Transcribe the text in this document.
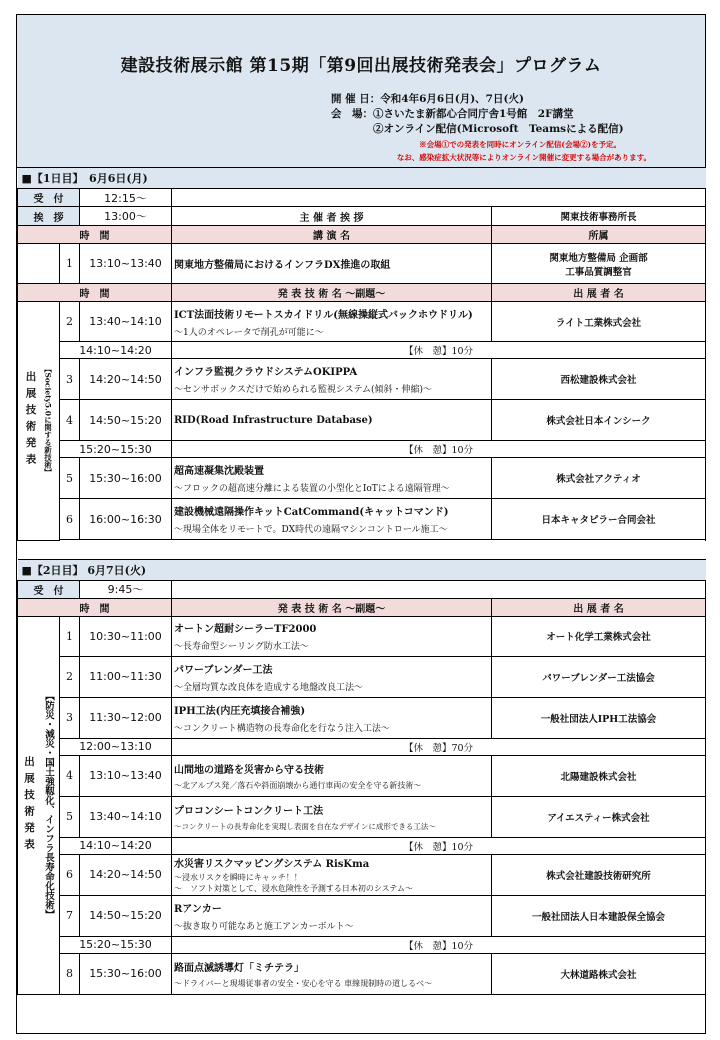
建設技術展示館 第15期「第9回出展技術発表会」プログラム
開 催 日：令和4年6月6日(月)、7日(火)
会　場：①さいたま新都心合同庁舎1号館　2F講堂
②オンライン配信(Microsoft　Teamsによる配信)
※会場①での発表を同時にオンライン配信(会場②)を予定。
なお、感染症拡大状況等によりオンライン開催に変更する場合があります。
■【1日目】　6月6日(月)				
受　付		12:15～		
挨　拶		13:00～	主 催 者 挨 拶	関東技術事務所長
時　間			講 演 名	所属
	1	13:10~13:40	関東地方整備局におけるインフラDX推進の取組	関東地方整備局 企画部
工事品質調整官
時　間			発 表 技 術 名 ～副題～	出 展 者 名

出展技術発表 【Society5.0に関する新技術】	2	13:40~14:10	ICT法面技術リモートスカイドリル(無線操縦式バックホウドリル)
～1人のオペレータで削孔が可能に～	ライト工業株式会社
	14:10~14:20		【休　憩】10分	
	3	14:20~14:50	インフラ監視クラウドシステムOKIPPA
～センサボックスだけで始められる監視システム(傾斜・伸縮)～	西松建設株式会社
	4	14:50~15:20	RID(Road Infrastructure Database)	株式会社日本インシーク
	15:20~15:30		【休　憩】10分	
	5	15:30~16:00	超高速凝集沈殿装置
～フロックの超高速分離による装置の小型化とIoTによる遠隔管理～	株式会社アクティオ
	6	16:00~16:30	建設機械遠隔操作キットCatCommand(キャットコマンド)
～現場全体をリモートで。DX時代の遠隔マシンコントロール施工～	日本キャタピラー合同会社

■【2日目】 6月7日(火)				
受　付		9:45～		
時　間			発 表 技 術 名 ～副題～	出 展 者 名

出展技術発表 【防災・減災・国土強靱化、インフラ長寿命化技術】	1	10:30~11:00	オートン超耐シーラーTF2000
～長寿命型シーリング防水工法～	オート化学工業株式会社
	2	11:00~11:30	パワーブレンダー工法
～全層均質な改良体を造成する地盤改良工法～	パワーブレンダー工法協会
	3	11:30~12:00	IPH工法(内圧充填接合補強)
～コンクリート構造物の長寿命化を行なう注入工法～	一般社団法人IPH工法協会
	12:00~13:10		【休　憩】70分	
	4	13:10~13:40	山間地の道路を災害から守る技術
～北アルプス発／落石や斜面崩壊から通行車両の安全を守る新技術～	北陽建設株式会社
	5	13:40~14:10	プロコンシートコンクリート工法
～コンクリートの長寿命化を実現し表面を自在なデザインに成形できる工法～	アイエスティー株式会社
	14:10~14:20		【休　憩】10分	
	6	14:20~14:50	水災害リスクマッピングシステム RisKma
～浸水リスクを瞬時にキャッチ！！
～　ソフト対策として、浸水危険性を予測する日本初のシステム～	株式会社建設技術研究所
	7	14:50~15:20	Rアンカー
～抜き取り可能なあと施工アンカーボルト～	一般社団法人日本建設保全協会
	15:20~15:30		【休　憩】10分	
	8	15:30~16:00	路面点滅誘導灯「ミチテラ」
～ドライバーと現場従事者の安全・安心を守る 車線規制時の道しるべ～	大林道路株式会社
